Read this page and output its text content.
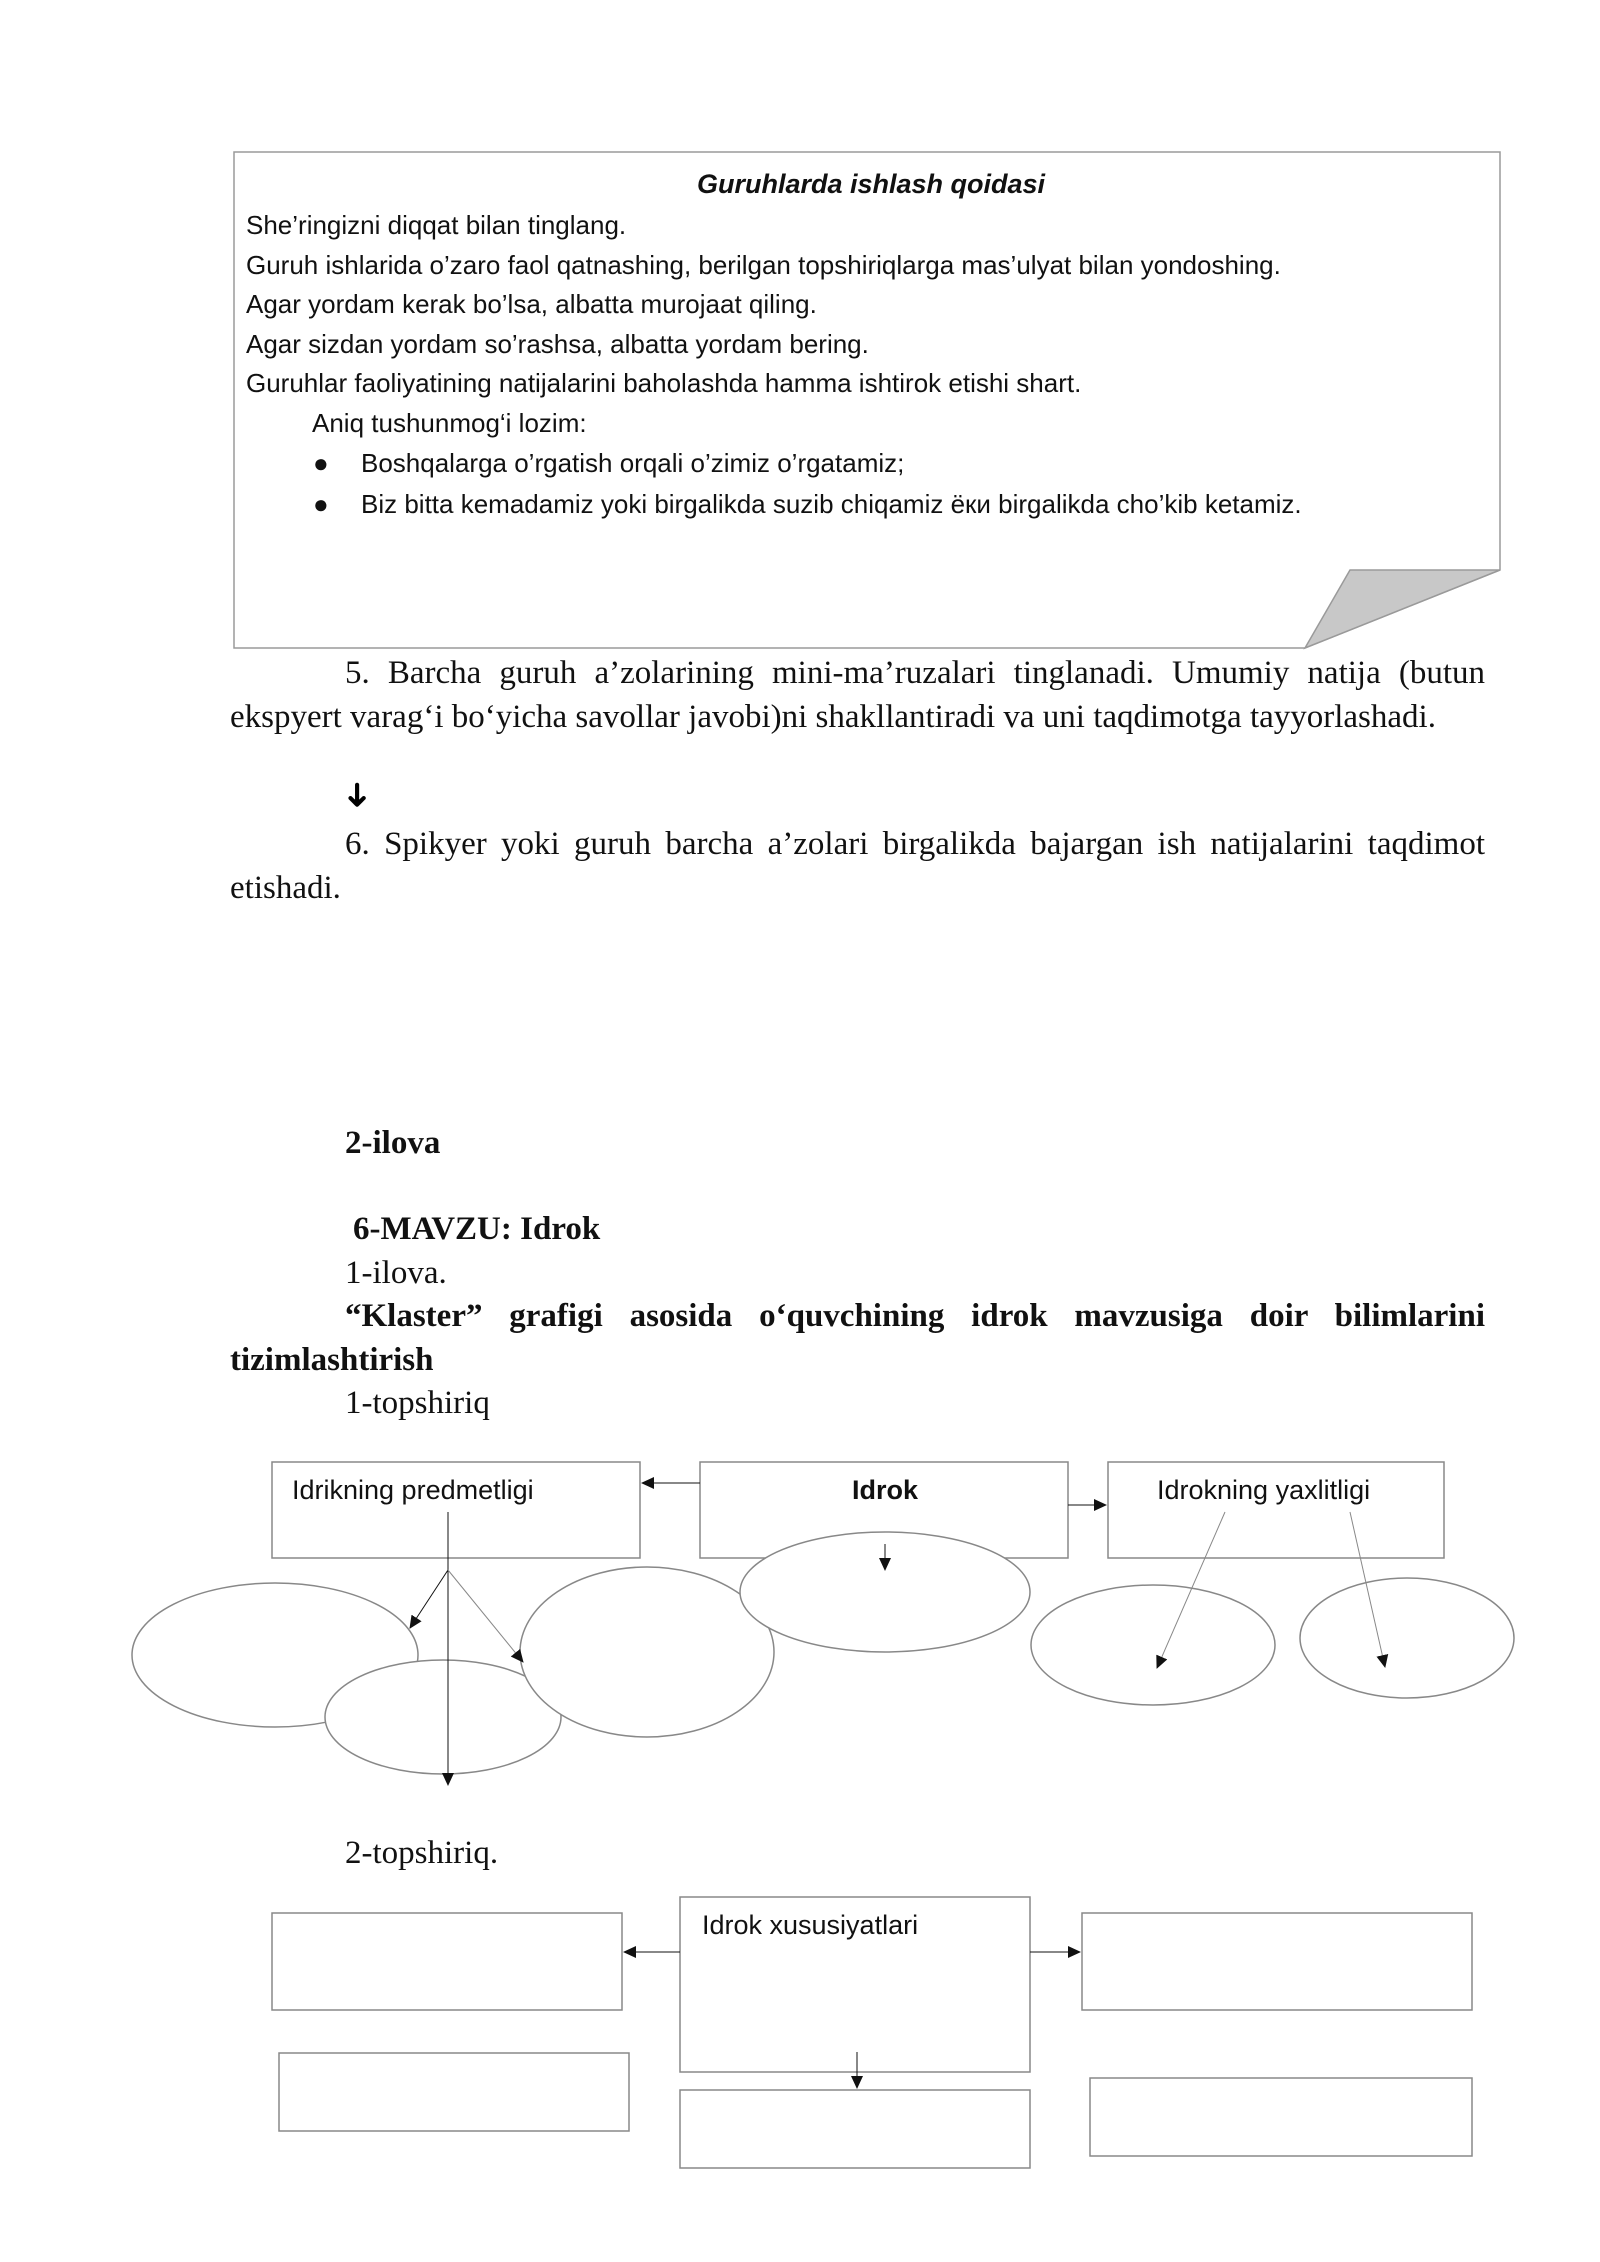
Guruhlarda ishlash qoidasi
She’ringizni diqqat bilan tinglang.
Guruh ishlarida o’zaro faol qatnashing, berilgan topshiriqlarga mas’ulyat bilan yondoshing.
Agar yordam kerak bo’lsa, albatta murojaat qiling.
Agar sizdan yordam so’rashsa, albatta yordam bering.
Guruhlar faoliyatining natijalarini baholashda hamma ishtirok etishi shart.
Aniq tushunmog‘i lozim:
● Boshqalarga o’rgatish orqali o’zimiz o’rgatamiz;
● Biz bitta kemadamiz yoki birgalikda suzib chiqamiz ёки birgalikda cho’kib ketamiz.
5. Barcha guruh a’zolarining mini-ma’ruzalari tinglanadi. Umumiy natija (butun ekspyert varag‘i bo‘yicha savollar javobi)ni shakllantiradi va uni taqdimotga tayyorlashadi.
➜
6. Spikyer yoki guruh barcha a’zolari birgalikda bajargan ish natijalarini taqdimot etishadi.
2-ilova
6-MAVZU: Idrok
1-ilova.
“Klaster” grafigi asosida o‘quvchining idrok mavzusiga doir bilimlarini tizimlashtirish
1-topshiriq
Idrikning predmetligi	Idrok	Idrokning yaxlitligi
2-topshiriq.
Idrok xususiyatlari
